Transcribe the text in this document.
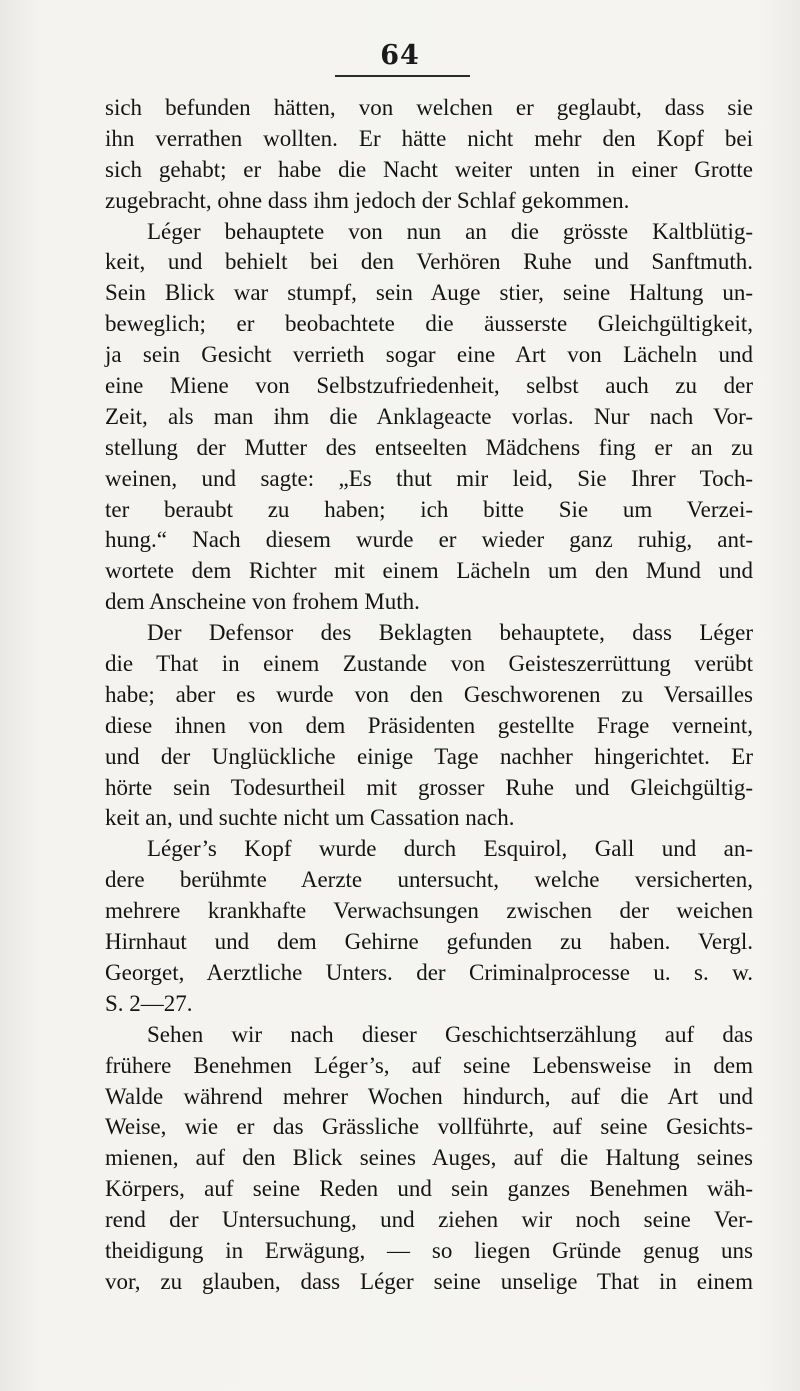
64
sich befunden hätten, von welchen er geglaubt, dass sie
ihn verrathen wollten. Er hätte nicht mehr den Kopf bei
sich gehabt; er habe die Nacht weiter unten in einer Grotte
zugebracht, ohne dass ihm jedoch der Schlaf gekommen.
Léger behauptete von nun an die grösste Kaltblütig-
keit, und behielt bei den Verhören Ruhe und Sanftmuth.
Sein Blick war stumpf, sein Auge stier, seine Haltung un-
beweglich; er beobachtete die äusserste Gleichgültigkeit,
ja sein Gesicht verrieth sogar eine Art von Lächeln und
eine Miene von Selbstzufriedenheit, selbst auch zu der
Zeit, als man ihm die Anklageacte vorlas. Nur nach Vor-
stellung der Mutter des entseelten Mädchens fing er an zu
weinen, und sagte: „Es thut mir leid, Sie Ihrer Toch-
ter beraubt zu haben; ich bitte Sie um Verzei-
hung.“ Nach diesem wurde er wieder ganz ruhig, ant-
wortete dem Richter mit einem Lächeln um den Mund und
dem Anscheine von frohem Muth.
Der Defensor des Beklagten behauptete, dass Léger
die That in einem Zustande von Geisteszerrüttung verübt
habe; aber es wurde von den Geschworenen zu Versailles
diese ihnen von dem Präsidenten gestellte Frage verneint,
und der Unglückliche einige Tage nachher hingerichtet. Er
hörte sein Todesurtheil mit grosser Ruhe und Gleichgültig-
keit an, und suchte nicht um Cassation nach.
Léger’s Kopf wurde durch Esquirol, Gall und an-
dere berühmte Aerzte untersucht, welche versicherten,
mehrere krankhafte Verwachsungen zwischen der weichen
Hirnhaut und dem Gehirne gefunden zu haben. Vergl.
Georget, Aerztliche Unters. der Criminalprocesse u. s. w.
S. 2—27.
Sehen wir nach dieser Geschichtserzählung auf das
frühere Benehmen Léger’s, auf seine Lebensweise in dem
Walde während mehrer Wochen hindurch, auf die Art und
Weise, wie er das Grässliche vollführte, auf seine Gesichts-
mienen, auf den Blick seines Auges, auf die Haltung seines
Körpers, auf seine Reden und sein ganzes Benehmen wäh-
rend der Untersuchung, und ziehen wir noch seine Ver-
theidigung in Erwägung, — so liegen Gründe genug uns
vor, zu glauben, dass Léger seine unselige That in einem
